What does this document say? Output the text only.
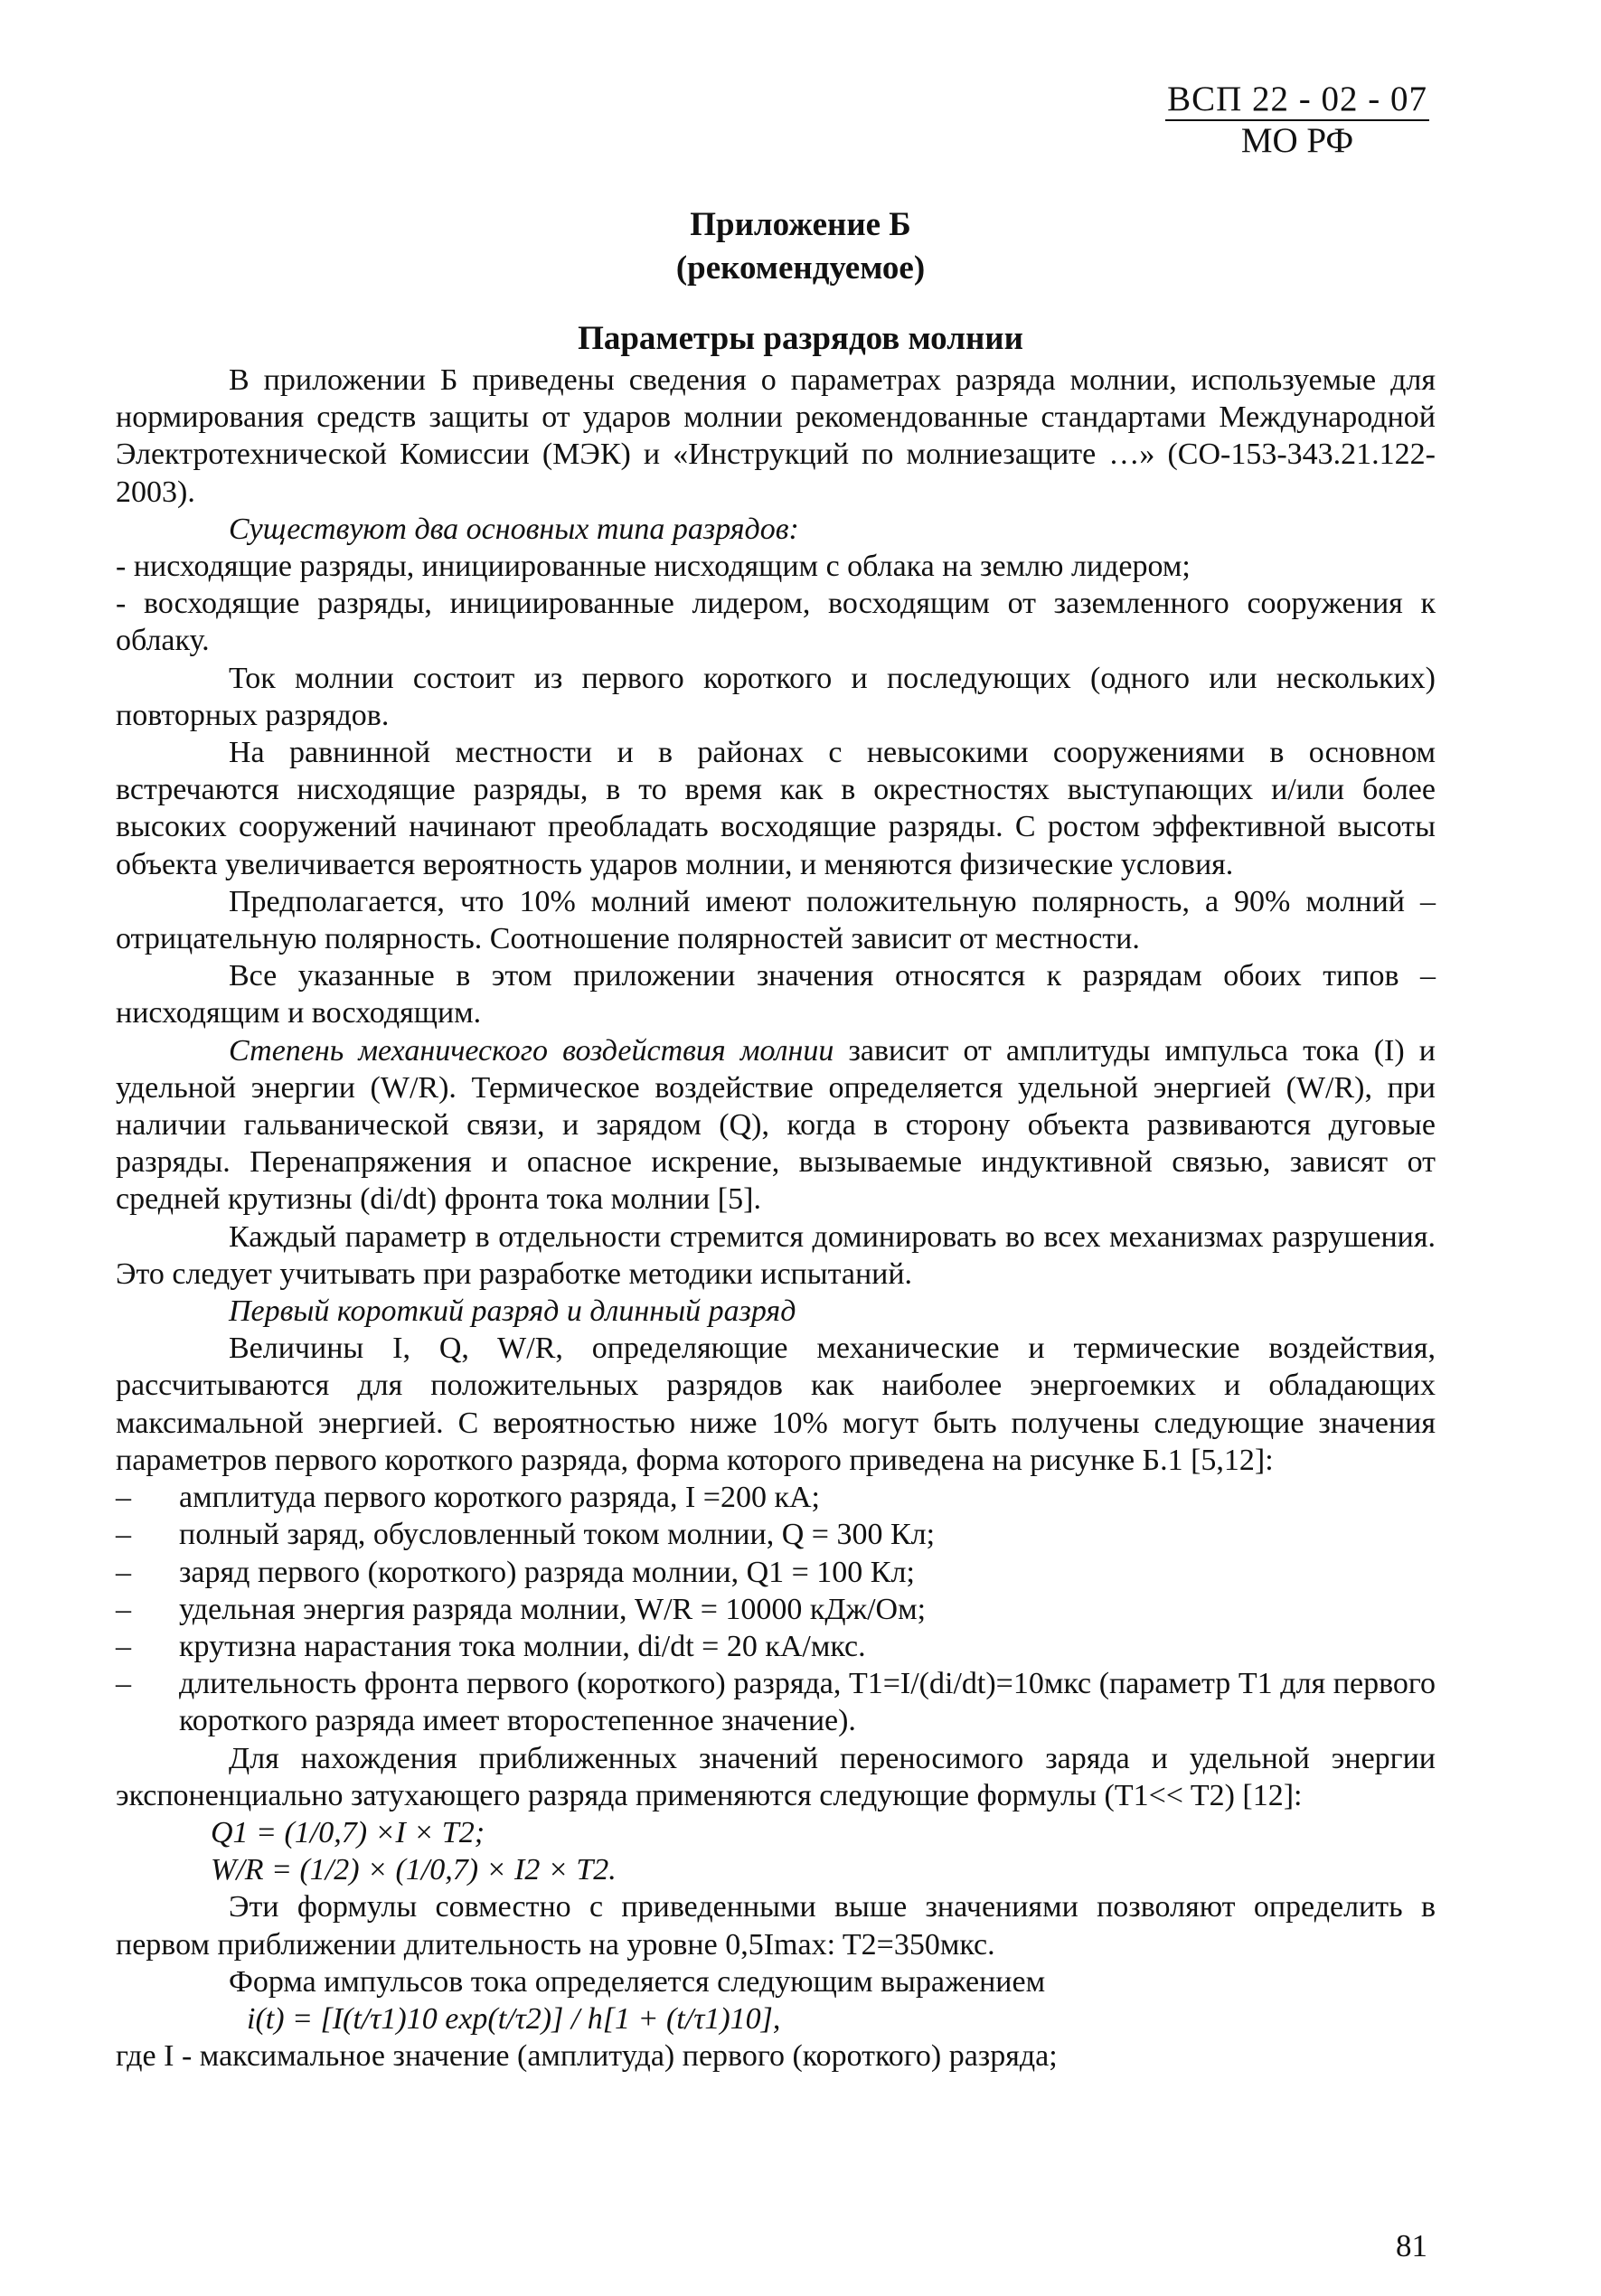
ВСП 22 - 02 - 07
МО РФ
Приложение Б
(рекомендуемое)
Параметры разрядов молнии

В приложении Б приведены сведения о параметрах разряда молнии, используемые для нормирования средств защиты от ударов молнии рекомендованные стандартами Международной Электротехнической Комиссии (МЭК) и «Инструкций по молниезащите …» (СО-153-343.21.122-2003).

Существуют два основных типа разрядов:

- нисходящие разряды, инициированные нисходящим с облака на землю лидером;

- восходящие разряды, инициированные лидером, восходящим от заземленного сооружения к облаку.

Ток молнии состоит из первого короткого и последующих (одного или нескольких) повторных разрядов.

На равнинной местности и в районах с невысокими сооружениями в основном встречаются нисходящие разряды, в то время как в окрестностях выступающих и/или более высоких сооружений начинают преобладать восходящие разряды. С ростом эффективной высоты объекта увеличивается вероятность ударов молнии, и меняются физические условия.

Предполагается, что 10% молний имеют положительную полярность, а 90% молний – отрицательную полярность. Соотношение полярностей зависит от местности.

Все указанные в этом приложении значения относятся к разрядам обоих типов – нисходящим и восходящим.

Степень механического воздействия молнии зависит от амплитуды импульса тока (I) и удельной энергии (W/R). Термическое воздействие определяется удельной энергией (W/R), при наличии гальванической связи, и зарядом (Q), когда в сторону объекта развиваются дуговые разряды. Перенапряжения и опасное искрение, вызываемые индуктивной связью, зависят от средней крутизны (di/dt) фронта тока молнии [5].

Каждый параметр в отдельности стремится доминировать во всех механизмах разрушения. Это следует учитывать при разработке методики испытаний.

Первый короткий разряд и длинный разряд

Величины I, Q, W/R, определяющие механические и термические воздействия, рассчитываются для положительных разрядов как наиболее энергоемких и обладающих максимальной энергией. С вероятностью ниже 10% могут быть получены следующие значения параметров первого короткого разряда, форма которого приведена на рисунке Б.1 [5,12]:

– амплитуда первого короткого разряда, I =200 кА;
– полный заряд, обусловленный током молнии, Q = 300 Кл;
– заряд первого (короткого) разряда молнии, Q1 = 100 Кл;
– удельная энергия разряда молнии, W/R = 10000 кДж/Ом;
– крутизна нарастания тока молнии, di/dt = 20 кА/мкс.
– длительность фронта первого (короткого) разряда, T1=I/(di/dt)=10мкс (параметр T1 для первого короткого разряда имеет второстепенное значение).

Для нахождения приближенных значений переносимого заряда и удельной энергии экспоненциально затухающего разряда применяются следующие формулы (T1<< T2) [12]:

Q1 = (1/0,7) ×I × T2;

W/R = (1/2) × (1/0,7) × I2 × T2.

Эти формулы совместно с приведенными выше значениями позволяют определить в первом приближении длительность на уровне 0,5Imax: T2=350мкс.

Форма импульсов тока определяется следующим выражением

i(t) = [I(t/τ1)10 exp(t/τ2)] / h[1 + (t/τ1)10],

где I - максимальное значение (амплитуда) первого (короткого) разряда;

81
